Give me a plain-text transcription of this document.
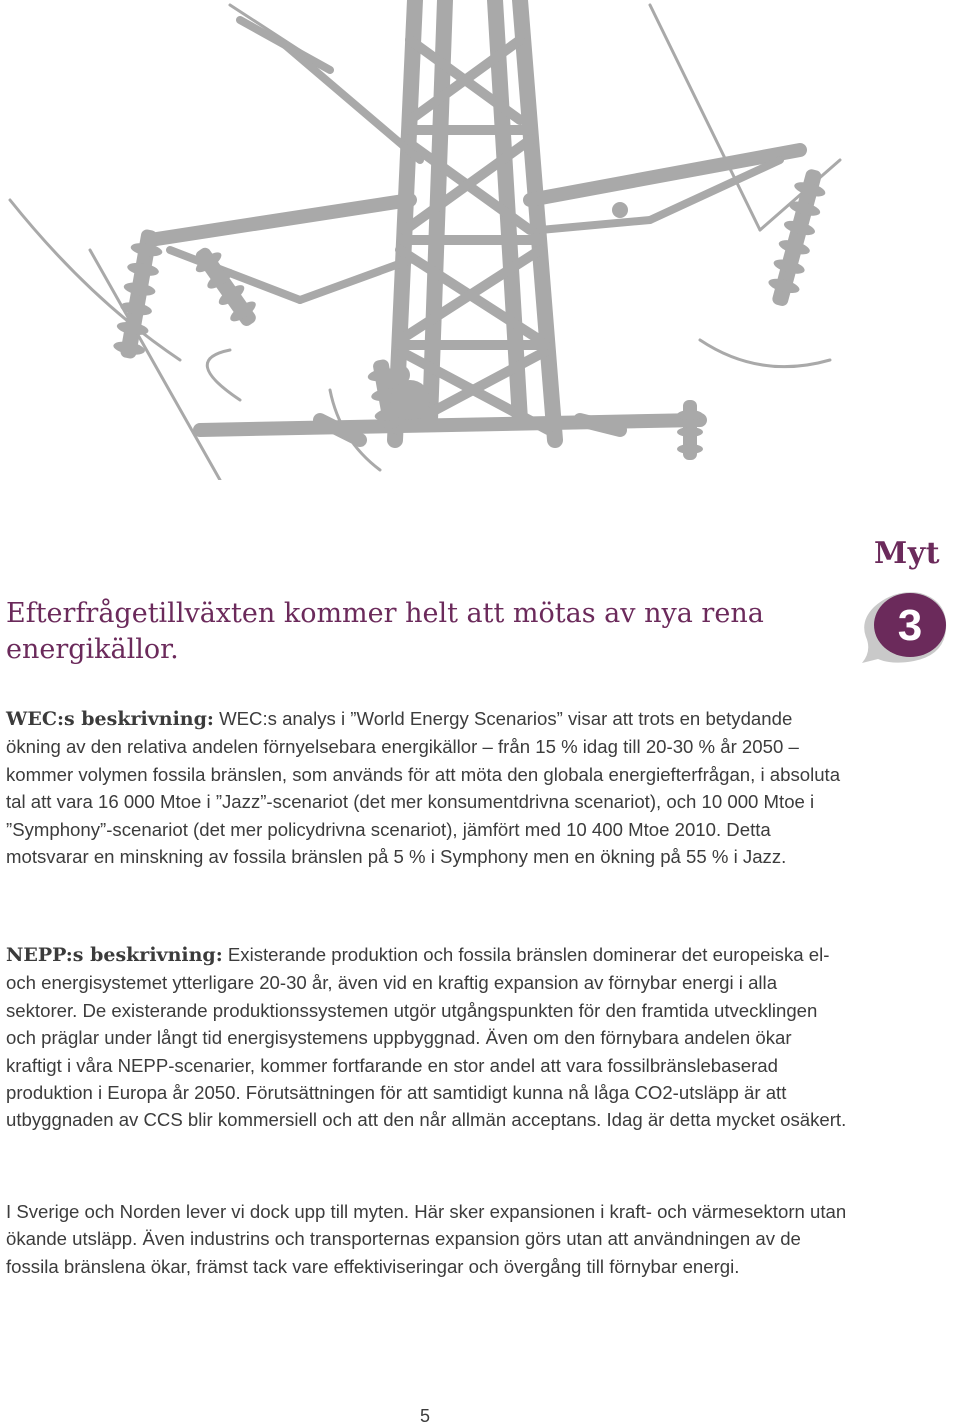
Myt
3
Efterfrågetillväxten kommer helt att mötas av nya rena energikällor.

WEC:s beskrivning: WEC:s analys i ”World Energy Scenarios” visar att trots en betydande ökning av den relativa andelen förnyelsebara energikällor – från 15 % idag till 20-30 % år 2050 – kommer volymen fossila bränslen, som används för att möta den globala energiefterfrågan, i absoluta tal att vara 16 000 Mtoe i ”Jazz”-scenariot (det mer konsumentdrivna scenariot), och 10 000 Mtoe i ”Symphony”-scenariot (det mer policydrivna scenariot), jämfört med 10 400 Mtoe 2010. Detta motsvarar en minskning av fossila bränslen på 5 % i Symphony men en ökning på 55 % i Jazz.

NEPP:s beskrivning: Existerande produktion och fossila bränslen dominerar det europeiska el- och energisystemet ytterligare 20-30 år, även vid en kraftig expansion av förnybar energi i alla sektorer. De existerande produktionssystemen utgör utgångspunkten för den framtida utvecklingen och präglar under långt tid energisystemens uppbyggnad. Även om den förnybara andelen ökar kraftigt i våra NEPP-scenarier, kommer fortfarande en stor andel att vara fossilbränslebaserad produktion i Europa år 2050. Förutsättningen för att samtidigt kunna nå låga CO2-utsläpp är att utbyggnaden av CCS blir kommersiell och att den når allmän acceptans. Idag är detta mycket osäkert.

I Sverige och Norden lever vi dock upp till myten. Här sker expansionen i kraft- och värmesektorn utan ökande utsläpp. Även industrins och transporternas expansion görs utan att användningen av de fossila bränslena ökar, främst tack vare effektiviseringar och övergång till förnybar energi.

5
